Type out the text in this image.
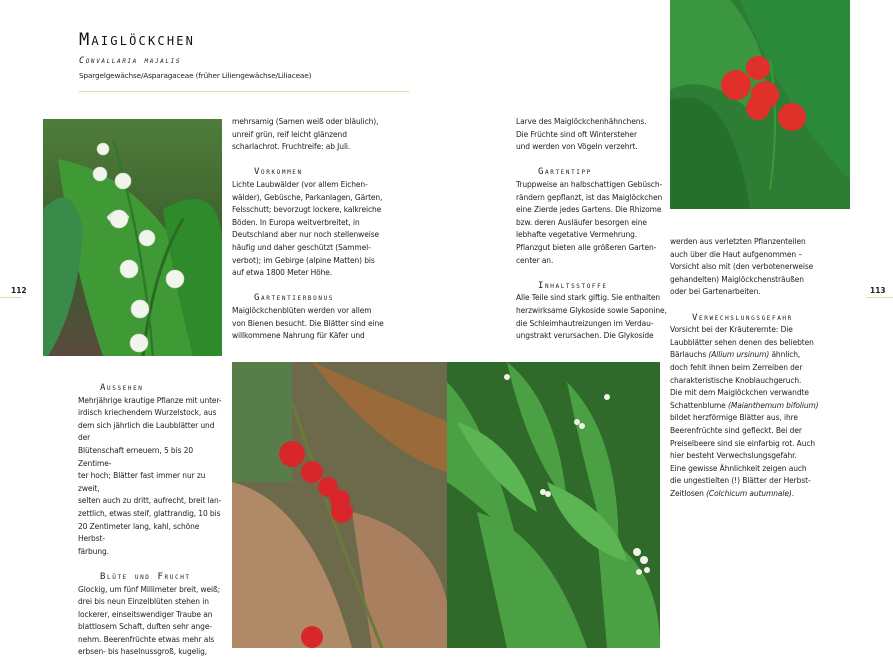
Maiglöckchen
Convallaria majalis
Spargelgewächse/Asparagaceae (früher Liliengewächse/Liliaceae)
112	113

mehrsamig (Samen weiß oder bläulich),

unreif grün, reif leicht glänzend

scharlachrot. Fruchtreife: ab Juli.

Vorkommen

Lichte Laubwälder (vor allem Eichen-

wälder), Gebüsche, Parkanlagen, Gärten,

Felsschutt; bevorzugt lockere, kalkreiche

Böden. In Europa weitverbreitet, in

Deutschland aber nur noch stellenweise

häufig und daher geschützt (Sammel-

verbot); im Gebirge (alpine Matten) bis

auf etwa 1800 Meter Höhe.

Gartentierbonus

Maiglöckchenblüten werden vor allem

von Bienen besucht. Die Blätter sind eine

willkommene Nahrung für Käfer und

Larve des Maiglöckchenhähnchens.

Die Früchte sind oft Wintersteher

und werden von Vögeln verzehrt.

Gartentipp

Truppweise an halbschattigen Gebüsch-

rändern gepflanzt, ist das Maiglöckchen

eine Zierde jedes Gartens. Die Rhizome

bzw. deren Ausläufer besorgen eine

lebhafte vegetative Vermehrung.

Pflanzgut bieten alle größeren Garten-

center an.

Inhaltsstoffe

Alle Teile sind stark giftig. Sie enthalten

herzwirksame Glykoside sowie Saponine,

die Schleimhautreizungen im Verdau-

ungstrakt verursachen. Die Glykoside

werden aus verletzten Pflanzenteilen

auch über die Haut aufgenommen –

Vorsicht also mit (den verbotenerweise

gehandelten) Maiglöckchensträußen

oder bei Gartenarbeiten.

Verwechslungsgefahr

Vorsicht bei der Kräuterernte: Die

Laubblätter sehen denen des beliebten

Bärlauchs (Allium ursinum) ähnlich,

doch fehlt ihnen beim Zerreiben der

charakteristische Knoblauchgeruch.

Die mit dem Maiglöckchen verwandte

Schattenblume (Maianthemum bifolium)

bildet herzförmige Blätter aus, ihre

Beerenfrüchte sind gefleckt. Bei der

Preiselbeere sind sie einfarbig rot. Auch

hier besteht Verwechslungsgefahr.

Eine gewisse Ähnlichkeit zeigen auch

die ungestielten (!) Blätter der Herbst-

Zeitlosen (Colchicum autumnale).

Aussehen

Mehrjährige krautige Pflanze mit unter-

irdisch kriechendem Wurzelstock, aus

dem sich jährlich die Laubblätter und der

Blütenschaft erneuern, 5 bis 20 Zentime-

ter hoch; Blätter fast immer nur zu zweit,

selten auch zu dritt, aufrecht, breit lan-

zettlich, etwas steif, glattrandig, 10 bis

20 Zentimeter lang, kahl, schöne Herbst-

färbung.

Blüte und Frucht

Glockig, um fünf Millimeter breit, weiß;

drei bis neun Einzelblüten stehen in

lockerer, einseitswendiger Traube an

blattlosem Schaft, duften sehr ange-

nehm. Beerenfrüchte etwas mehr als

erbsen- bis haselnussgroß, kugelig,
